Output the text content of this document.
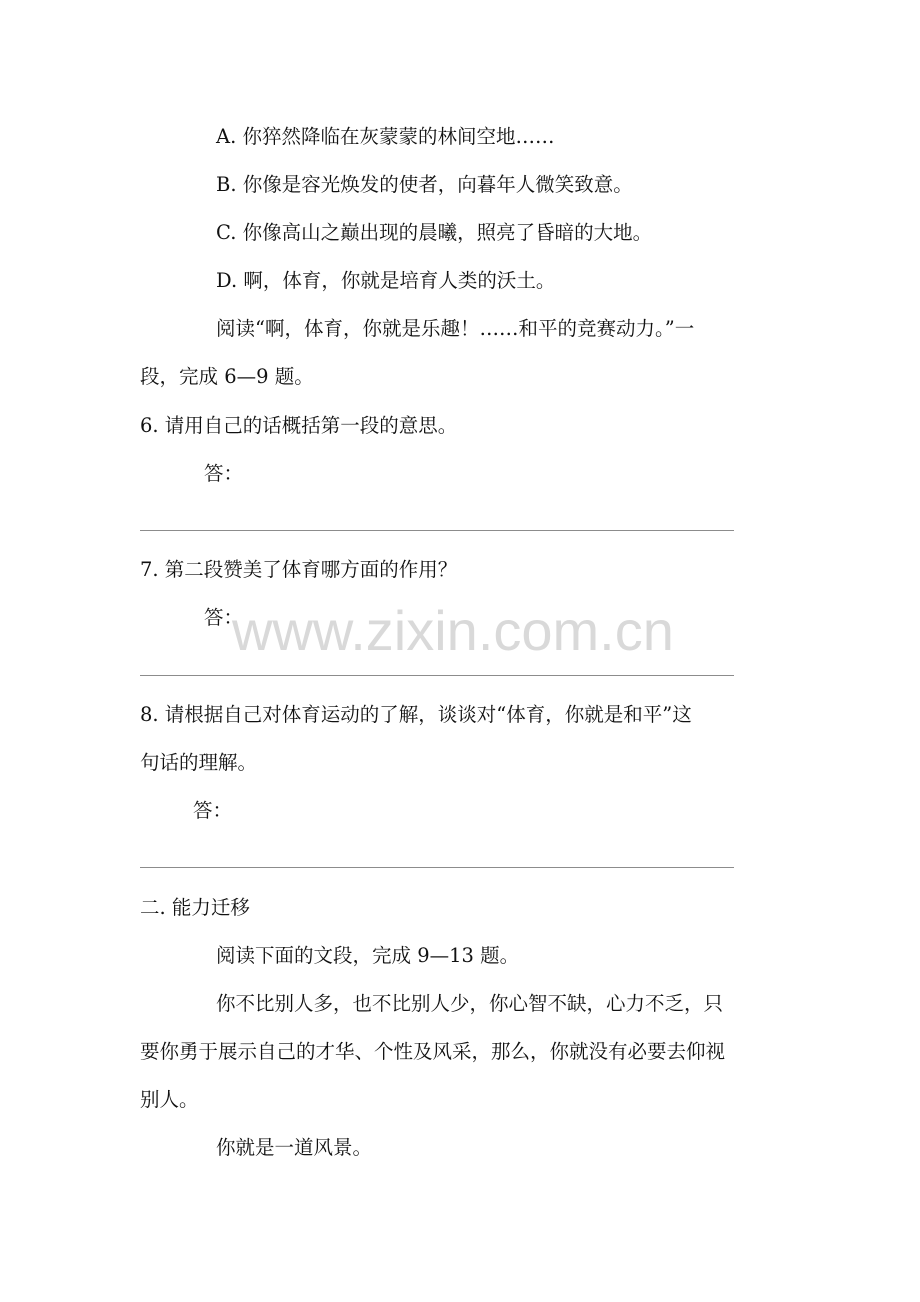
A. 你猝然降临在灰蒙蒙的林间空地……
B. 你像是容光焕发的使者，向暮年人微笑致意。
C. 你像高山之巅出现的晨曦，照亮了昏暗的大地。
D. 啊，体育，你就是培育人类的沃土。
阅读“啊，体育，你就是乐趣！……和平的竞赛动力。”一
段，完成 6—9 题。
6. 请用自己的话概括第一段的意思。
答：
7. 第二段赞美了体育哪方面的作用？
答：
8. 请根据自己对体育运动的了解，谈谈对“体育，你就是和平”这
句话的理解。
答：
二. 能力迁移
阅读下面的文段，完成 9—13 题。
你不比别人多，也不比别人少，你心智不缺，心力不乏，只
要你勇于展示自己的才华、个性及风采，那么，你就没有必要去仰视
别人。
你就是一道风景。
www.zixin.com.cn
